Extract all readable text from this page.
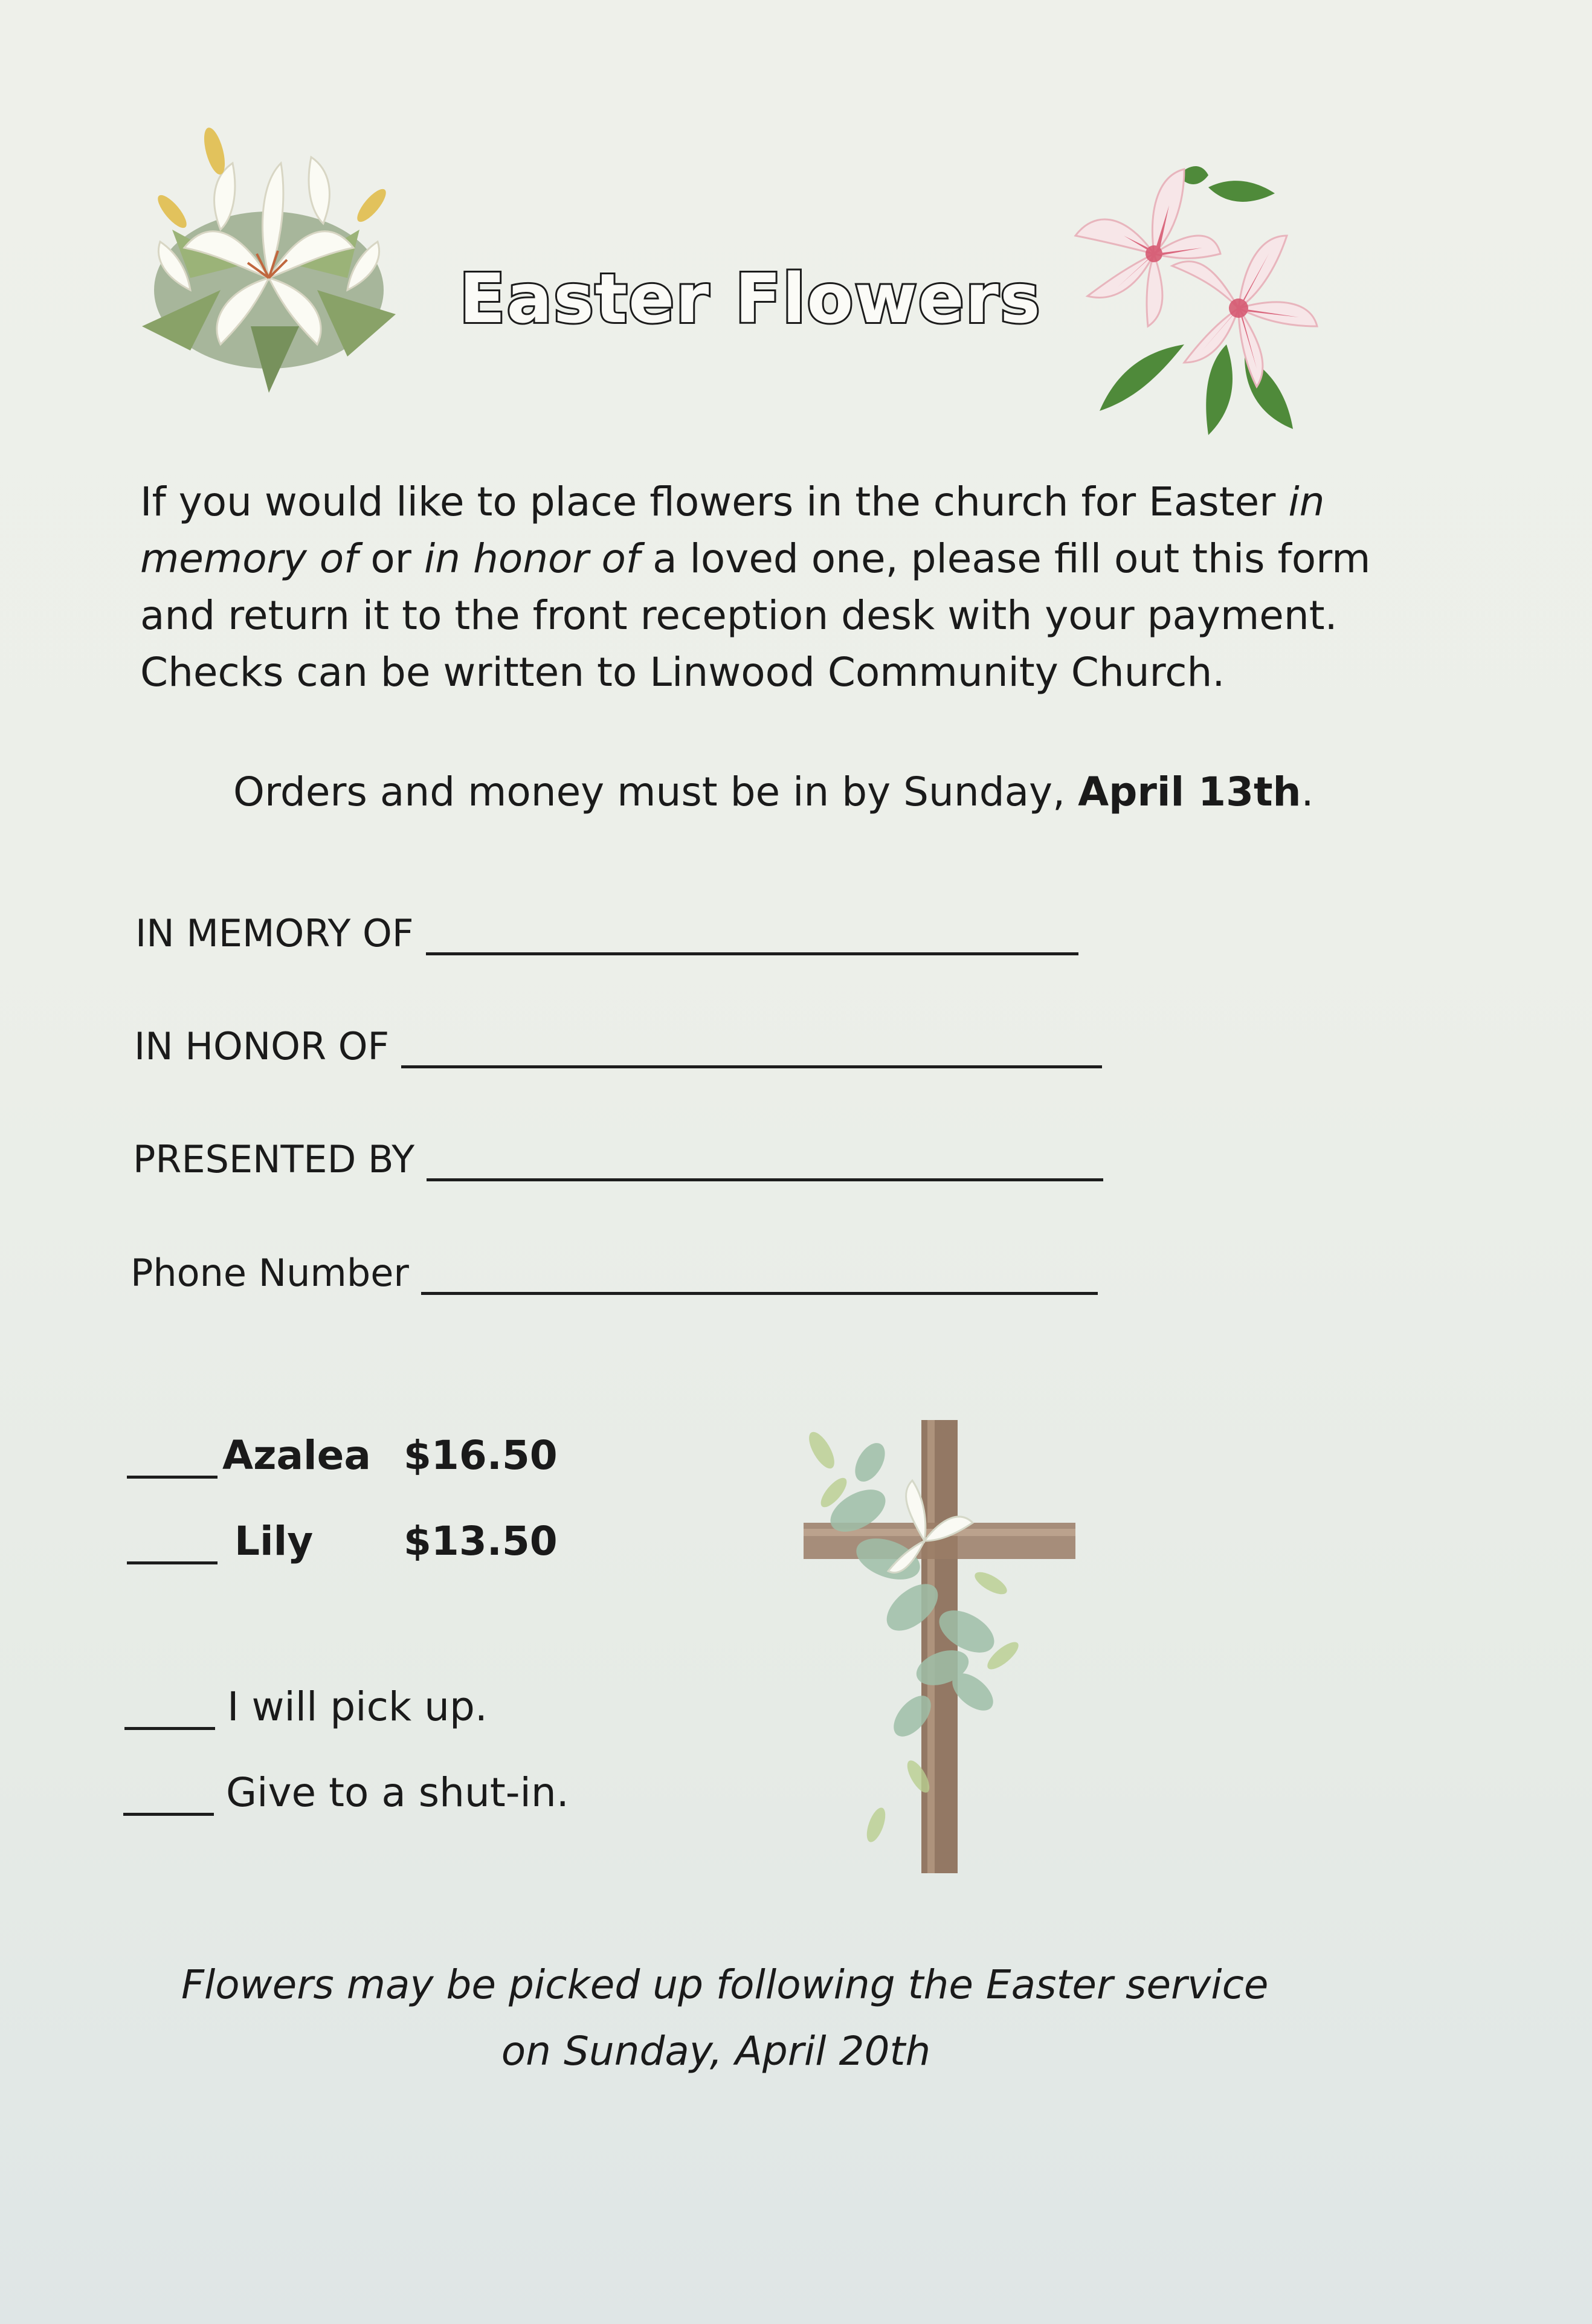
Easter Flowers

If you would like to place flowers in the church for Easter in memory of or in honor of a loved one, please fill out this form and return it to the front reception desk with your payment. Checks can be written to Linwood Community Church.

Orders and money must be in by Sunday, April 13th.
IN MEMORY OF
IN HONOR OF
PRESENTED BY
Phone Number
Azalea $16.50
Lily	$13.50
I will pick up.
Give to a shut-in.
Flowers may be picked up following the Easter service
on Sunday, April 20th
